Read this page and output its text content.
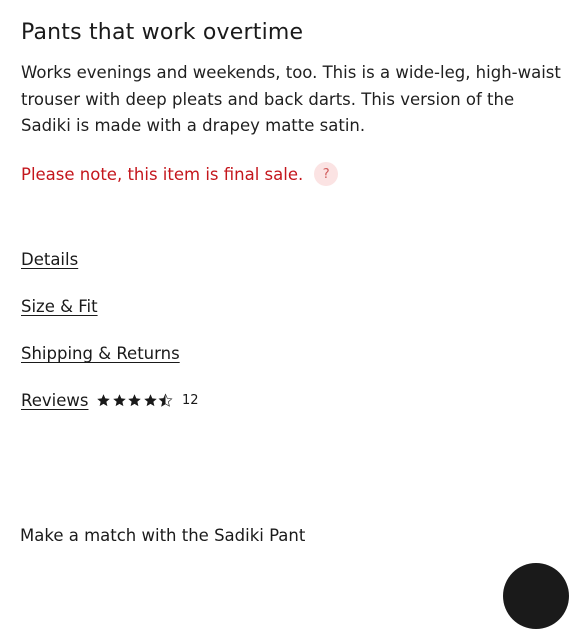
Pants that work overtime

Works evenings and weekends, too. This is a wide-leg, high-waist trouser with deep pleats and back darts. This version of the Sadiki is made with a drapey matte satin.

Please note, this item is final sale.	?
Details
Size & Fit
Shipping & Returns
Reviews	12
Make a match with the Sadiki Pant
